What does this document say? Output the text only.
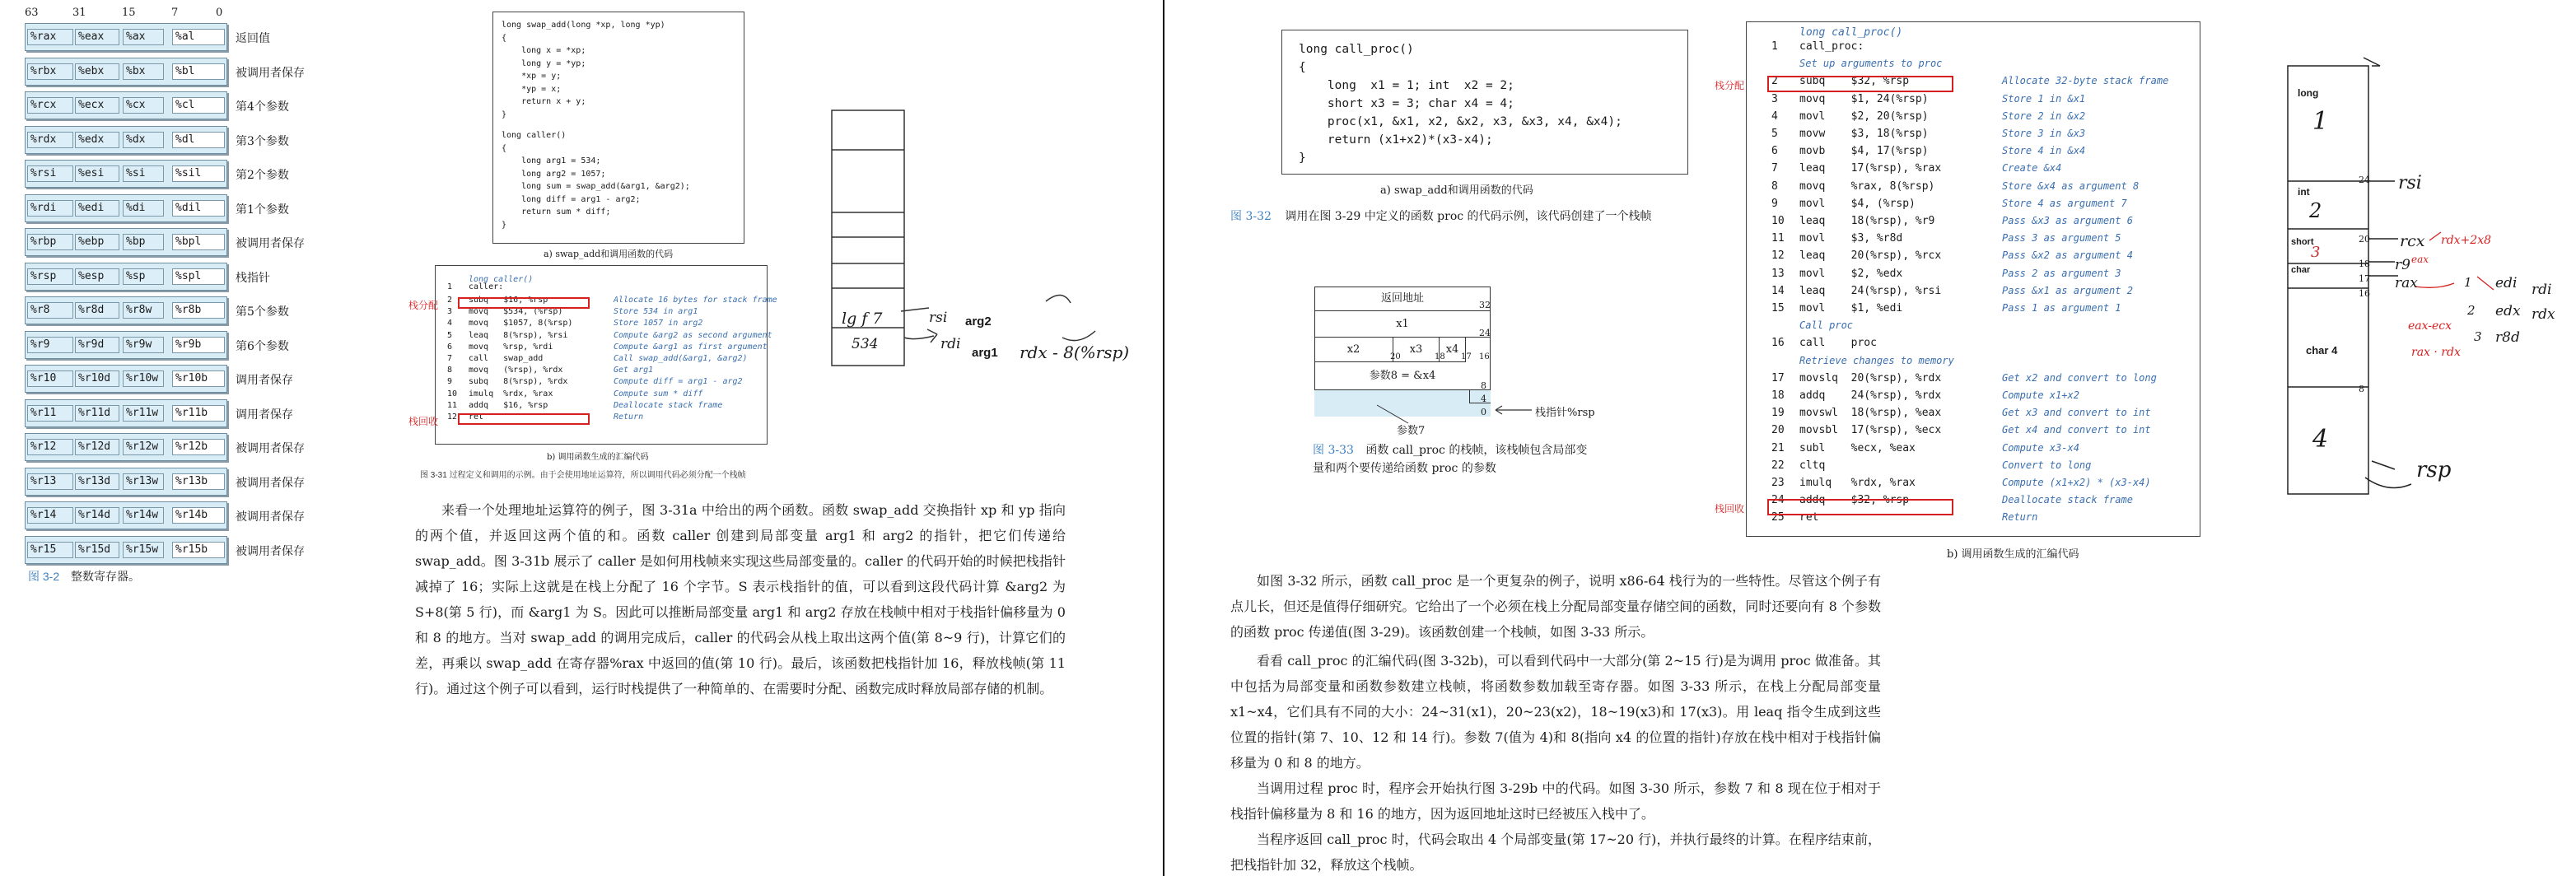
63	31	15	7	0
%rax	%eax	%ax	%al	返回值
%rbx	%ebx	%bx	%bl	被调用者保存
%rcx	%ecx	%cx	%cl	第4个参数
%rdx	%edx	%dx	%dl	第3个参数
%rsi	%esi	%si	%sil	第2个参数
%rdi	%edi	%di	%dil	第1个参数
%rbp	%ebp	%bp	%bpl	被调用者保存
%rsp	%esp	%sp	%spl	栈指针
%r8	%r8d	%r8w	%r8b	第5个参数
%r9	%r9d	%r9w	%r9b	第6个参数
%r10	%r10d	%r10w	%r10b	调用者保存
%r11	%r11d	%r11w	%r11b	调用者保存
%r12	%r12d	%r12w	%r12b	被调用者保存
%r13	%r13d	%r13w	%r13b	被调用者保存
%r14	%r14d	%r14w	%r14b	被调用者保存
%r15	%r15d	%r15w	%r15b	被调用者保存
图 3-2 整数寄存器。
long swap_add(long *xp, long *yp)
{
long x = *xp;
long y = *yp;
*xp = y;
*yp = x;
return x + y;
}
long caller()
{
long arg1 = 534;
long arg2 = 1057;
long sum = swap_add(&arg1, &arg2);
long diff = arg1 - arg2;
return sum * diff;
}
a) swap_add和调用函数的代码
long caller()
1 caller:
2 subq   $16, %rsp	Allocate 16 bytes for stack frame
3 movq   $534, (%rsp)	Store 534 in arg1
4 movq   $1057, 8(%rsp)	Store 1057 in arg2
5 leaq   8(%rsp), %rsi	Compute &arg2 as second argument
6 movq   %rsp, %rdi	Compute &arg1 as first argument
7 call   swap_add	Call swap_add(&arg1, &arg2)
8 movq   (%rsp), %rdx	Get arg1
9 subq   8(%rsp), %rdx	Compute diff = arg1 - arg2
10 imulq  %rdx, %rax	Compute sum * diff
11 addq   $16, %rsp	Deallocate stack frame
12 ret	Return
栈分配
栈回收
b) 调用函数生成的汇编代码
图 3-31 过程定义和调用的示例。由于会使用地址运算符，所以调用代码必须分配一个栈帧
来看一个处理地址运算符的例子，图 3-31a 中给出的两个函数。函数 swap_add 交换指针 xp 和 yp 指向的两个值，并返回这两个值的和。函数 caller 创建到局部变量 arg1 和 arg2 的指针，把它们传递给 swap_add。图 3-31b 展示了 caller 是如何用栈帧来实现这些局部变量的。caller 的代码开始的时候把栈指针减掉了 16；实际上这就是在栈上分配了 16 个字节。S 表示栈指针的值，可以看到这段代码计算 &arg2 为 S+8(第 5 行)，而 &arg1 为 S。因此可以推断局部变量 arg1 和 arg2 存放在栈帧中相对于栈指针偏移量为 0 和 8 的地方。当对 swap_add 的调用完成后，caller 的代码会从栈上取出这两个值(第 8~9 行)，计算它们的差，再乘以 swap_add 在寄存器%rax 中返回的值(第 10 行)。最后，该函数把栈指针加 16，释放栈帧(第 11 行)。通过这个例子可以看到，运行时栈提供了一种简单的、在需要时分配、函数完成时释放局部存储的机制。
lg f 7
534
rsi arg2
rdi
arg1 rdx - 8(%rsp)
long call_proc()
{
long  x1 = 1; int  x2 = 2;
short x3 = 3; char x4 = 4;
proc(x1, &x1, x2, &x2, x3, &x3, x4, &x4);
return (x1+x2)*(x3-x4);
}
a) swap_add和调用函数的代码
图 3-32 调用在图 3-29 中定义的函数 proc 的代码示例，该代码创建了一个栈帧
返回地址
x1
x2	x3	x4
参数8 = &x4
参数7
32
24
20	18 17 16
8
4
0	栈指针%rsp
图 3-33 函数 call_proc 的栈帧，该栈帧包含局部变量和两个要传递给函数 proc 的参数
long call_proc()
1 call_proc:
Set up arguments to proc
2 subq    $32, %rsp	Allocate 32-byte stack frame
3 movq    $1, 24(%rsp)	Store 1 in &x1
4 movl    $2, 20(%rsp)	Store 2 in &x2
5 movw    $3, 18(%rsp)	Store 3 in &x3
6 movb    $4, 17(%rsp)	Store 4 in &x4
7 leaq    17(%rsp), %rax	Create &x4
8 movq    %rax, 8(%rsp)	Store &x4 as argument 8
9 movl    $4, (%rsp)	Store 4 as argument 7
10 leaq    18(%rsp), %r9	Pass &x3 as argument 6
11 movl    $3, %r8d	Pass 3 as argument 5
12 leaq    20(%rsp), %rcx	Pass &x2 as argument 4
13 movl    $2, %edx	Pass 2 as argument 3
14 leaq    24(%rsp), %rsi	Pass &x1 as argument 2
15 movl    $1, %edi	Pass 1 as argument 1
Call proc
16 call    proc
Retrieve changes to memory
17 movslq  20(%rsp), %rdx	Get x2 and convert to long
18 addq    24(%rsp), %rdx	Compute x1+x2
19 movswl  18(%rsp), %eax	Get x3 and convert to int
20 movsbl  17(%rsp), %ecx	Get x4 and convert to int
21 subl    %ecx, %eax	Compute x3-x4
22 cltq	Convert to long
23 imulq   %rdx, %rax	Compute (x1+x2) * (x3-x4)
24 addq    $32, %rsp	Deallocate stack frame
25 ret	Return
栈分配
栈回收
b) 调用函数生成的汇编代码
如图 3-32 所示，函数 call_proc 是一个更复杂的例子，说明 x86-64 栈行为的一些特性。尽管这个例子有点儿长，但还是值得仔细研究。它给出了一个必须在栈上分配局部变量存储空间的函数，同时还要向有 8 个参数的函数 proc 传递值(图 3-29)。该函数创建一个栈帧，如图 3-33 所示。
看看 call_proc 的汇编代码(图 3-32b)，可以看到代码中一大部分(第 2~15 行)是为调用 proc 做准备。其中包括为局部变量和函数参数建立栈帧，将函数参数加载至寄存器。如图 3-33 所示，在栈上分配局部变量 x1~x4，它们具有不同的大小：24~31(x1)，20~23(x2)，18~19(x3)和 17(x3)。用 leaq 指令生成到这些位置的指针(第 7、10、12 和 14 行)。参数 7(值为 4)和 8(指向 x4 的位置的指针)存放在栈中相对于栈指针偏移量为 0 和 8 的地方。
当调用过程 proc 时，程序会开始执行图 3-29b 中的代码。如图 3-30 所示，参数 7 和 8 现在位于相对于栈指针偏移量为 8 和 16 的地方，因为返回地址这时已经被压入栈中了。
当程序返回 call_proc 时，代码会取出 4 个局部变量(第 17~20 行)，并执行最终的计算。在程序结束前，把栈指针加 32，释放这个栈帧。
long
1
int
2
short
3
char
char 4
4
24
20
18
17
16
8
rsi
rcx rdx+2x8
r9 eax
rax	1 edi rdi
2 edx rdx
eax-ecx
3 r8d
rax · rdx
rsp
